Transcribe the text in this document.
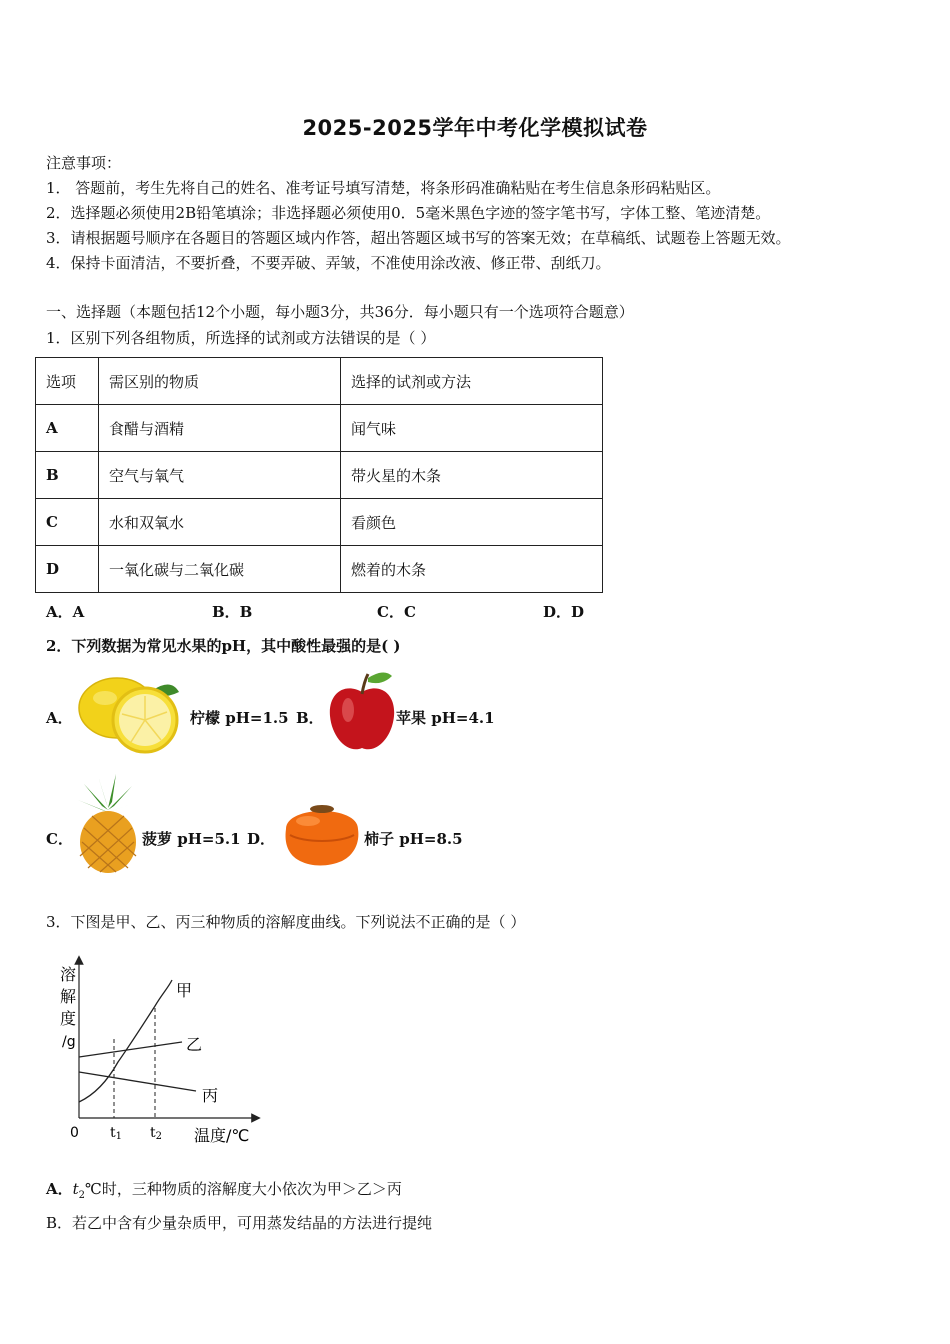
2025-2025学年中考化学模拟试卷
注意事项：
1． 答题前，考生先将自己的姓名、准考证号填写清楚，将条形码准确粘贴在考生信息条形码粘贴区。
2．选择题必须使用2B铅笔填涂；非选择题必须使用0．5毫米黑色字迹的签字笔书写，字体工整、笔迹清楚。
3．请根据题号顺序在各题目的答题区域内作答，超出答题区域书写的答案无效；在草稿纸、试题卷上答题无效。
4．保持卡面清洁，不要折叠，不要弄破、弄皱，不准使用涂改液、修正带、刮纸刀。
一、选择题（本题包括12个小题，每小题3分，共36分．每小题只有一个选项符合题意）
1．区别下列各组物质，所选择的试剂或方法错误的是（ ）
选项	需区别的物质	选择的试剂或方法
A	食醋与酒精	闻气味
B	空气与氧气	带火星的木条
C	水和双氧水	看颜色
D	一氧化碳与二氧化碳	燃着的木条
A．A	B．B	C．C	D．D
2．下列数据为常见水果的pH，其中酸性最强的是( )
A．	柠檬 pH=1.5 B．	苹果 pH=4.1
C．	菠萝 pH=5.1 D．	柿子 pH=8.5
3．下图是甲、乙、丙三种物质的溶解度曲线。下列说法不正确的是（ ）
溶
解
度
/g
甲
乙
丙
0 t1 t2 温度/℃
A．$t_2℃$时，三种物质的溶解度大小依次为甲＞乙＞丙
B．若乙中含有少量杂质甲，可用蒸发结晶的方法进行提纯
